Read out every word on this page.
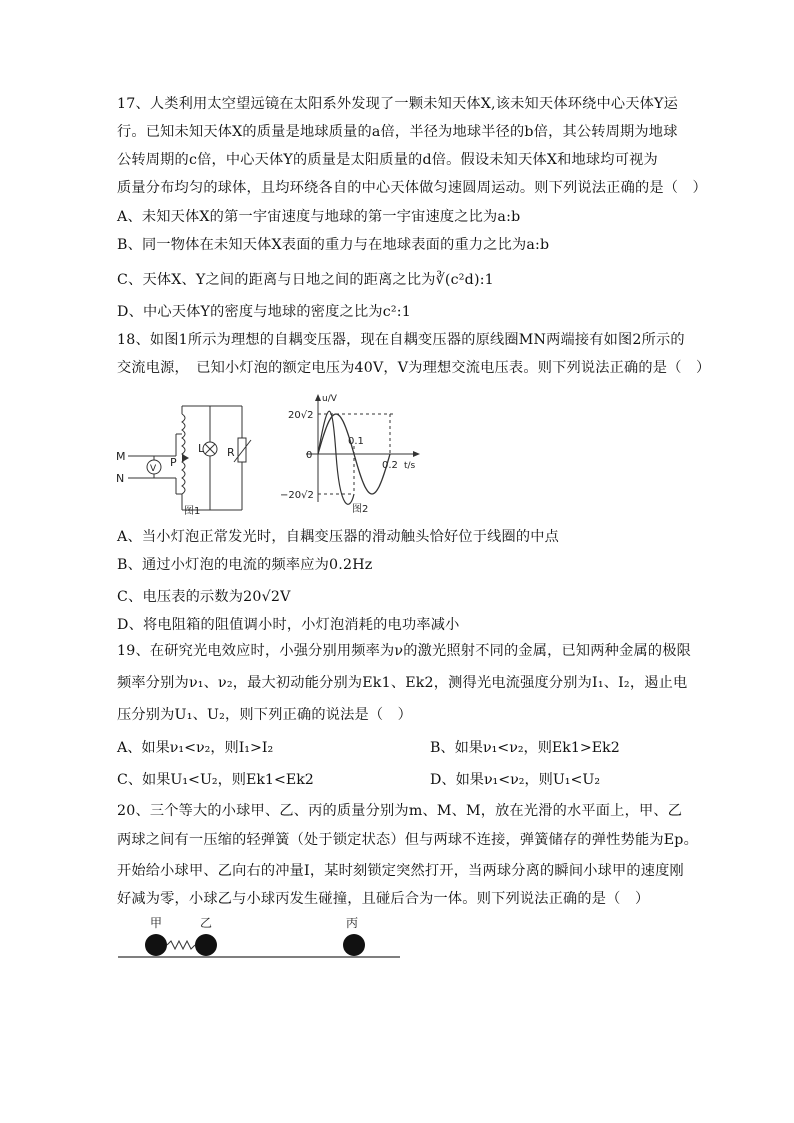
17、人类利用太空望远镜在太阳系外发现了一颗未知天体X,该未知天体环绕中心天体Y运
行。已知未知天体X的质量是地球质量的a倍，半径为地球半径的b倍，其公转周期为地球
公转周期的c倍，中心天体Y的质量是太阳质量的d倍。假设未知天体X和地球均可视为
质量分布均匀的球体，且均环绕各自的中心天体做匀速圆周运动。则下列说法正确的是（　）
A、未知天体X的第一宇宙速度与地球的第一宇宙速度之比为a:b
B、同一物体在未知天体X表面的重力与在地球表面的重力之比为a:b
C、天体X、Y之间的距离与日地之间的距离之比为∛(c²d):1
D、中心天体Y的密度与地球的密度之比为c²:1
18、如图1所示为理想的自耦变压器，现在自耦变压器的原线圈MN两端接有如图2所示的
交流电源，　已知小灯泡的额定电压为40V，V为理想交流电压表。则下列说法正确的是（　）
M
N
V P
L R
图1
u/V
t/s
20√2
−20√2
0
0.1
0.2
图2
A、当小灯泡正常发光时，自耦变压器的滑动触头恰好位于线圈的中点
B、通过小灯泡的电流的频率应为0.2Hz
C、电压表的示数为20√2V
D、将电阻箱的阻值调小时，小灯泡消耗的电功率减小
19、在研究光电效应时，小强分别用频率为ν的激光照射不同的金属，已知两种金属的极限
频率分别为ν₁、ν₂，最大初动能分别为Ek1、Ek2，测得光电流强度分别为I₁、I₂，遏止电
压分别为U₁、U₂，则下列正确的说法是（　）
A、如果ν₁<ν₂，则I₁>I₂	B、如果ν₁<ν₂，则Ek1>Ek2
C、如果U₁<U₂，则Ek1<Ek2	D、如果ν₁<ν₂，则U₁<U₂
20、三个等大的小球甲、乙、丙的质量分别为m、M、M，放在光滑的水平面上，甲、乙
两球之间有一压缩的轻弹簧（处于锁定状态）但与两球不连接，弹簧储存的弹性势能为Ep。
开始给小球甲、乙向右的冲量I，某时刻锁定突然打开，当两球分离的瞬间小球甲的速度刚
好减为零，小球乙与小球丙发生碰撞，且碰后合为一体。则下列说法正确的是（　）
甲	乙	丙
